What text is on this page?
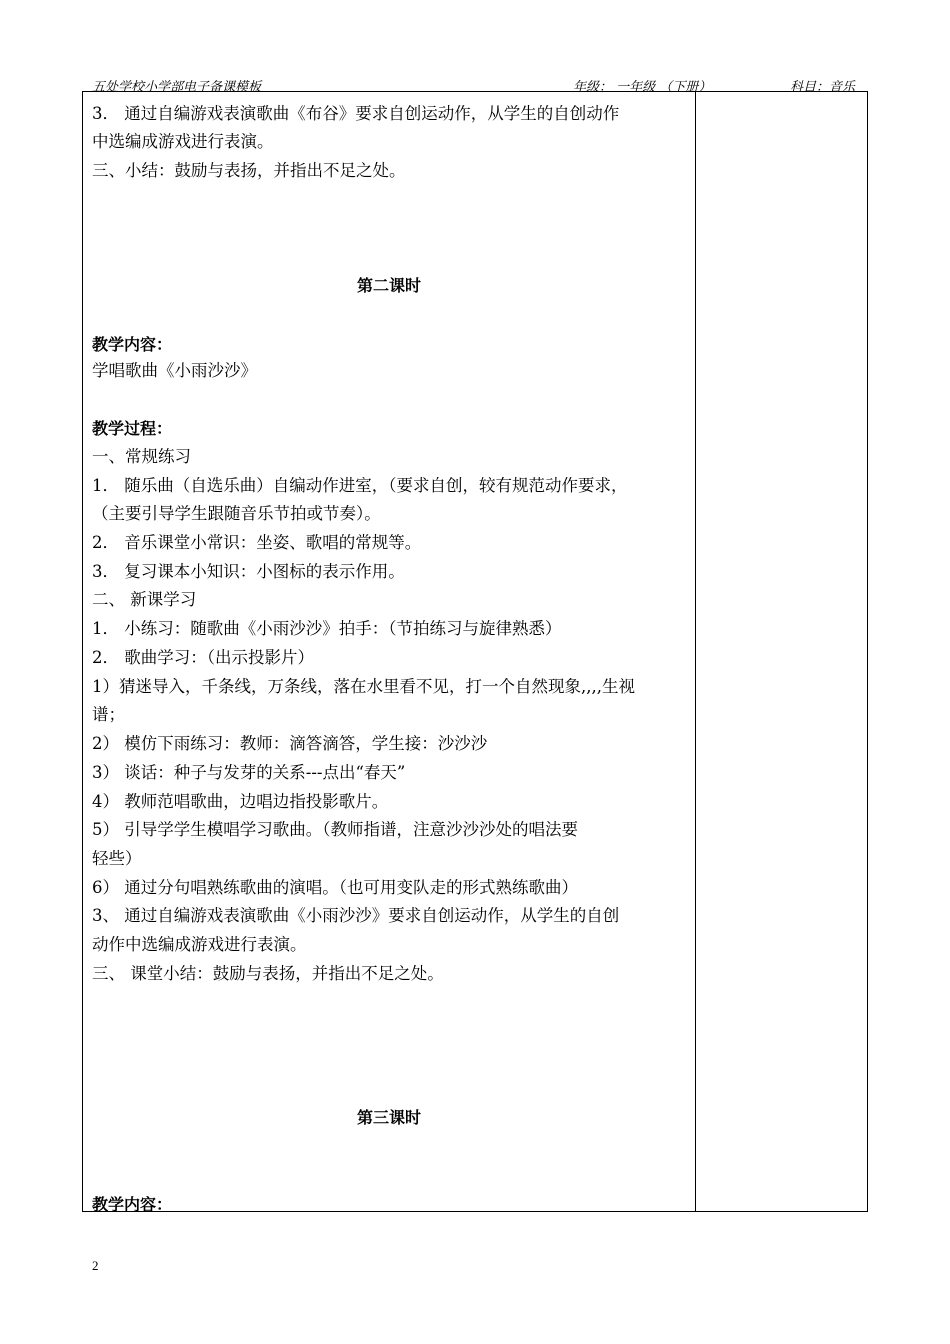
五处学校小学部电子备课模板	年级： 一年级 （下册）	科目：音乐
3． 通过自编游戏表演歌曲《布谷》要求自创运动作，从学生的自创动作
中选编成游戏进行表演。
三、小结：鼓励与表扬，并指出不足之处。
第二课时
教学内容：
学唱歌曲《小雨沙沙》
教学过程：
一、常规练习
1． 随乐曲（自选乐曲）自编动作进室，（要求自创，较有规范动作要求，
（主要引导学生跟随音乐节拍或节奏）。
2． 音乐课堂小常识：坐姿、歌唱的常规等。
3． 复习课本小知识：小图标的表示作用。
二、 新课学习
1． 小练习：随歌曲《小雨沙沙》拍手：（节拍练习与旋律熟悉）
2． 歌曲学习：（出示投影片）
1）猜迷导入，千条线，万条线，落在水里看不见，打一个自然现象,,,,生视
谱；
2） 模仿下雨练习：教师：滴答滴答，学生接：沙沙沙
3） 谈话：种子与发芽的关系---点出“春天”
4） 教师范唱歌曲，边唱边指投影歌片。
5） 引导学学生模唱学习歌曲。（教师指谱，注意沙沙沙处的唱法要
轻些）
6） 通过分句唱熟练歌曲的演唱。（也可用变队走的形式熟练歌曲）
3、 通过自编游戏表演歌曲《小雨沙沙》要求自创运动作，从学生的自创
动作中选编成游戏进行表演。
三、 课堂小结：鼓励与表扬，并指出不足之处。
第三课时
教学内容：
2
